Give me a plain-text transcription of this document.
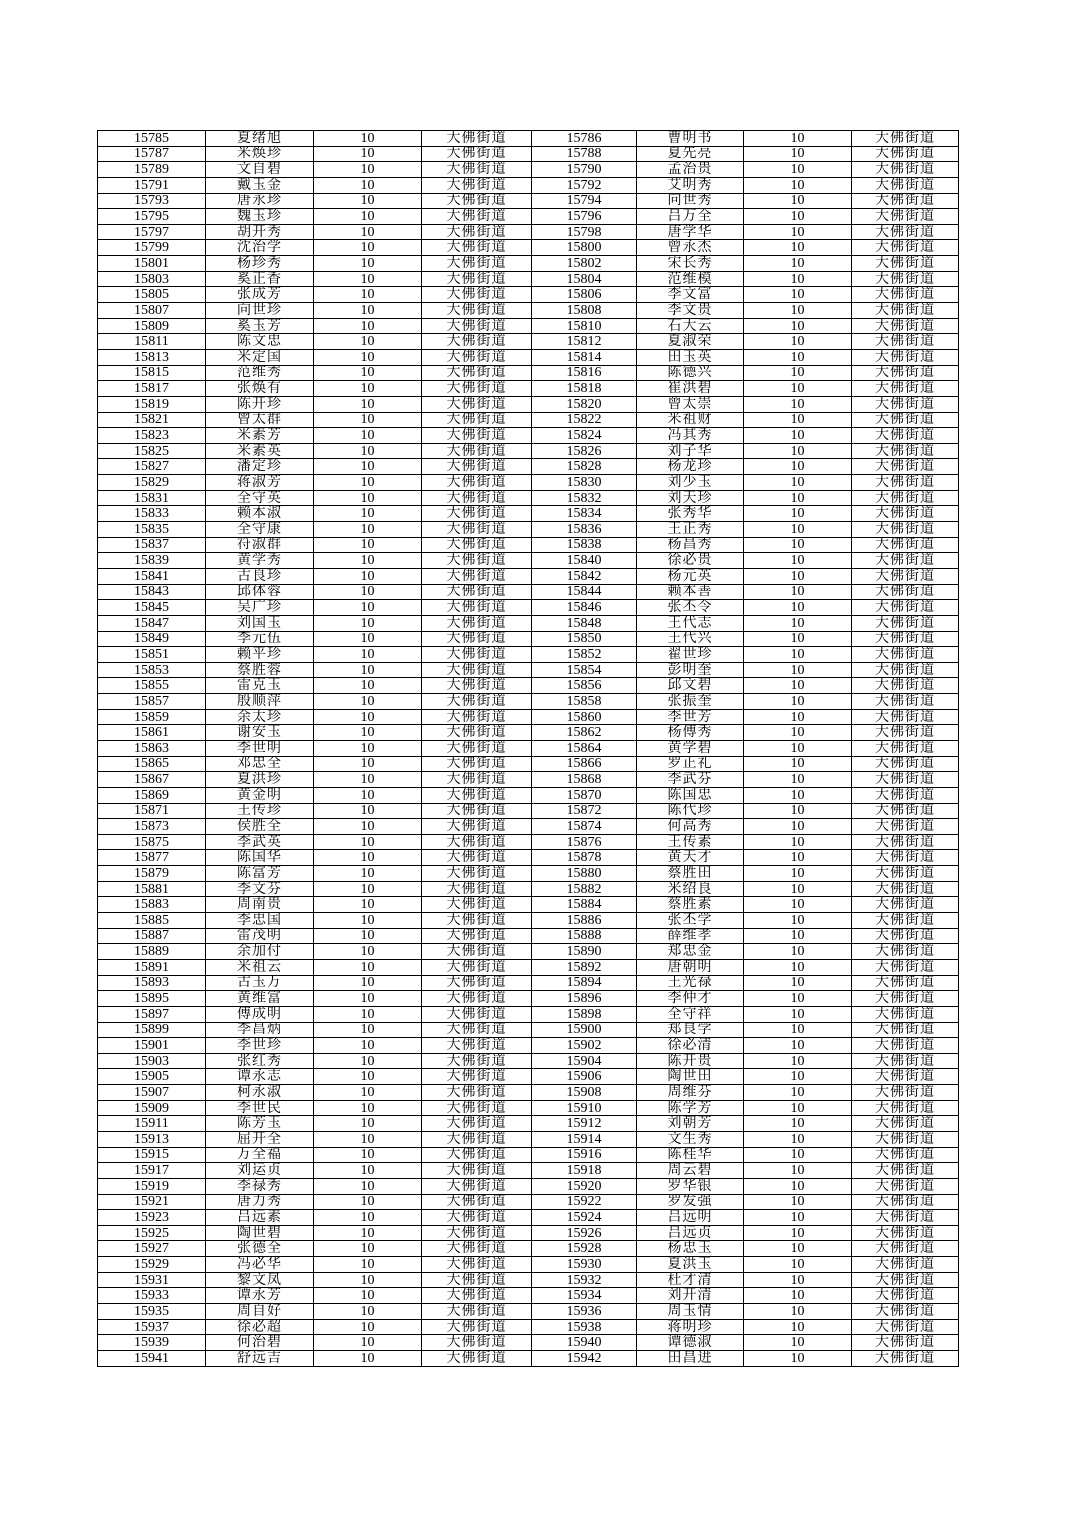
15785	夏绪旭	10	大佛街道	15786	曹明书	10	大佛街道
15787	米焕珍	10	大佛街道	15788	夏先亮	10	大佛街道
15789	文自碧	10	大佛街道	15790	孟治贵	10	大佛街道
15791	戴玉金	10	大佛街道	15792	艾明秀	10	大佛街道
15793	唐永珍	10	大佛街道	15794	向世秀	10	大佛街道
15795	魏玉珍	10	大佛街道	15796	吕万全	10	大佛街道
15797	胡开秀	10	大佛街道	15798	唐学华	10	大佛街道
15799	沈治学	10	大佛街道	15800	曾永杰	10	大佛街道
15801	杨珍秀	10	大佛街道	15802	宋长秀	10	大佛街道
15803	奚正香	10	大佛街道	15804	范维模	10	大佛街道
15805	张成芳	10	大佛街道	15806	李文富	10	大佛街道
15807	向世珍	10	大佛街道	15808	李文贵	10	大佛街道
15809	奚玉芳	10	大佛街道	15810	石大云	10	大佛街道
15811	陈文忠	10	大佛街道	15812	夏淑荣	10	大佛街道
15813	米定国	10	大佛街道	15814	田玉英	10	大佛街道
15815	范维秀	10	大佛街道	15816	陈德兴	10	大佛街道
15817	张焕有	10	大佛街道	15818	崔洪碧	10	大佛街道
15819	陈开珍	10	大佛街道	15820	曾太崇	10	大佛街道
15821	曾太群	10	大佛街道	15822	米祖财	10	大佛街道
15823	米素芳	10	大佛街道	15824	冯其秀	10	大佛街道
15825	米素英	10	大佛街道	15826	刘子华	10	大佛街道
15827	潘定珍	10	大佛街道	15828	杨龙珍	10	大佛街道
15829	蒋淑芳	10	大佛街道	15830	刘少玉	10	大佛街道
15831	全守英	10	大佛街道	15832	刘天珍	10	大佛街道
15833	赖本淑	10	大佛街道	15834	张秀华	10	大佛街道
15835	全守康	10	大佛街道	15836	王正秀	10	大佛街道
15837	符淑群	10	大佛街道	15838	杨昌秀	10	大佛街道
15839	黄学秀	10	大佛街道	15840	徐必贵	10	大佛街道
15841	古良珍	10	大佛街道	15842	杨元英	10	大佛街道
15843	邱体蓉	10	大佛街道	15844	赖本善	10	大佛街道
15845	吴广珍	10	大佛街道	15846	张丕令	10	大佛街道
15847	刘国玉	10	大佛街道	15848	王代志	10	大佛街道
15849	李元伍	10	大佛街道	15850	王代兴	10	大佛街道
15851	赖平珍	10	大佛街道	15852	翟世珍	10	大佛街道
15853	蔡胜蓉	10	大佛街道	15854	彭明奎	10	大佛街道
15855	雷克玉	10	大佛街道	15856	邱文碧	10	大佛街道
15857	殷顺萍	10	大佛街道	15858	张振奎	10	大佛街道
15859	余太珍	10	大佛街道	15860	李世芳	10	大佛街道
15861	谢安玉	10	大佛街道	15862	杨傅秀	10	大佛街道
15863	李世明	10	大佛街道	15864	黄学碧	10	大佛街道
15865	邓忠全	10	大佛街道	15866	罗正礼	10	大佛街道
15867	夏洪珍	10	大佛街道	15868	李武芬	10	大佛街道
15869	黄金明	10	大佛街道	15870	陈国忠	10	大佛街道
15871	王传珍	10	大佛街道	15872	陈代珍	10	大佛街道
15873	侯胜全	10	大佛街道	15874	何高秀	10	大佛街道
15875	李武英	10	大佛街道	15876	王传素	10	大佛街道
15877	陈国华	10	大佛街道	15878	黄天才	10	大佛街道
15879	陈富芳	10	大佛街道	15880	蔡胜田	10	大佛街道
15881	李文芬	10	大佛街道	15882	米绍良	10	大佛街道
15883	周南贵	10	大佛街道	15884	蔡胜素	10	大佛街道
15885	李忠国	10	大佛街道	15886	张丕学	10	大佛街道
15887	雷茂明	10	大佛街道	15888	薛维孝	10	大佛街道
15889	余加付	10	大佛街道	15890	郑忠金	10	大佛街道
15891	米祖云	10	大佛街道	15892	唐朝明	10	大佛街道
15893	古玉万	10	大佛街道	15894	王光禄	10	大佛街道
15895	黄维富	10	大佛街道	15896	李仲才	10	大佛街道
15897	傅成明	10	大佛街道	15898	全守祥	10	大佛街道
15899	李昌炳	10	大佛街道	15900	郑良学	10	大佛街道
15901	李世珍	10	大佛街道	15902	徐必清	10	大佛街道
15903	张红秀	10	大佛街道	15904	陈开贵	10	大佛街道
15905	谭永志	10	大佛街道	15906	陶世田	10	大佛街道
15907	柯永淑	10	大佛街道	15908	周维芬	10	大佛街道
15909	李世民	10	大佛街道	15910	陈学芳	10	大佛街道
15911	陈芳玉	10	大佛街道	15912	刘朝芳	10	大佛街道
15913	屈开全	10	大佛街道	15914	文生秀	10	大佛街道
15915	万全福	10	大佛街道	15916	陈桂华	10	大佛街道
15917	刘运贞	10	大佛街道	15918	周云碧	10	大佛街道
15919	李禄秀	10	大佛街道	15920	罗华银	10	大佛街道
15921	唐力秀	10	大佛街道	15922	罗发强	10	大佛街道
15923	吕远素	10	大佛街道	15924	吕远明	10	大佛街道
15925	陶世碧	10	大佛街道	15926	吕远贞	10	大佛街道
15927	张德全	10	大佛街道	15928	杨忠玉	10	大佛街道
15929	冯必华	10	大佛街道	15930	夏洪玉	10	大佛街道
15931	黎文凤	10	大佛街道	15932	杜才清	10	大佛街道
15933	谭永芳	10	大佛街道	15934	刘开清	10	大佛街道
15935	周自好	10	大佛街道	15936	周玉情	10	大佛街道
15937	徐必超	10	大佛街道	15938	蒋明珍	10	大佛街道
15939	何治碧	10	大佛街道	15940	谭德淑	10	大佛街道
15941	舒远吉	10	大佛街道	15942	田昌进	10	大佛街道
